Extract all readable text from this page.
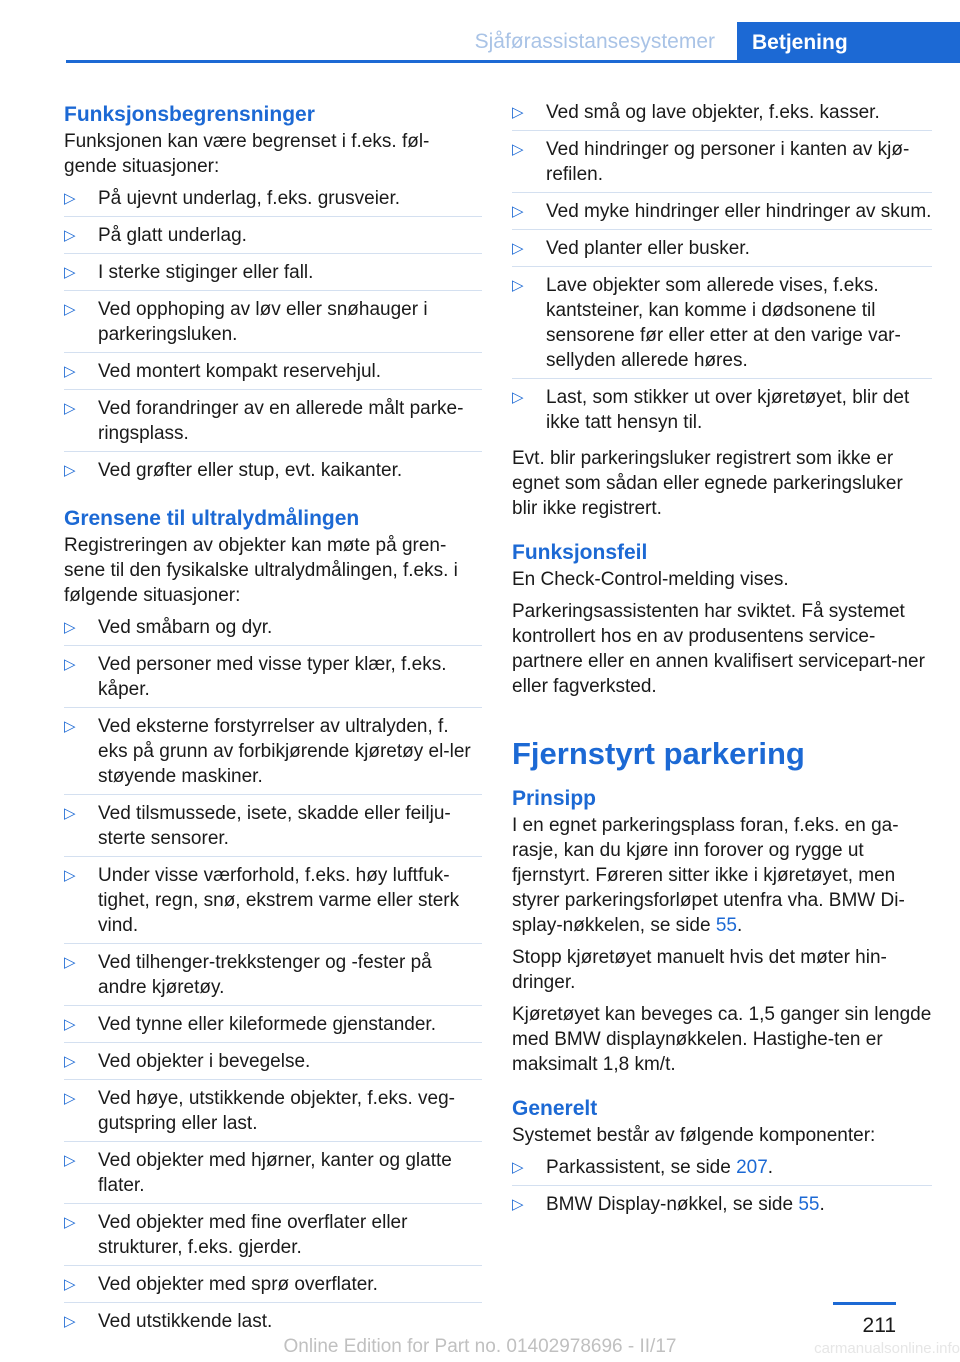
Sjåførassistansesystemer	Betjening
Funksjonsbegrensninger

Funksjonen kan være begrenset i f.eks. føl-gende situasjoner:

▷ På ujevnt underlag, f.eks. grusveier.
▷ På glatt underlag.
▷ I sterke stiginger eller fall.
▷ Ved opphoping av løv eller snøhauger i parkeringsluken.
▷ Ved montert kompakt reservehjul.
▷ Ved forandringer av en allerede målt parke-ringsplass.
▷ Ved grøfter eller stup, evt. kaikanter.
Grensene til ultralydmålingen

Registreringen av objekter kan møte på gren-sene til den fysikalske ultralydmålingen, f.eks. i følgende situasjoner:

▷ Ved småbarn og dyr.
▷ Ved personer med visse typer klær, f.eks. kåper.
▷ Ved eksterne forstyrrelser av ultralyden, f. eks på grunn av forbikjørende kjøretøy el-ler støyende maskiner.
▷ Ved tilsmussede, isete, skadde eller feilju-sterte sensorer.
▷ Under visse værforhold, f.eks. høy luftfuk-tighet, regn, snø, ekstrem varme eller sterk vind.
▷ Ved tilhenger-trekkstenger og -fester på andre kjøretøy.
▷ Ved tynne eller kileformede gjenstander.
▷ Ved objekter i bevegelse.
▷ Ved høye, utstikkende objekter, f.eks. veg-gutspring eller last.
▷ Ved objekter med hjørner, kanter og glatte flater.
▷ Ved objekter med fine overflater eller strukturer, f.eks. gjerder.
▷ Ved objekter med sprø overflater.
▷ Ved utstikkende last.
▷ Ved små og lave objekter, f.eks. kasser.
▷ Ved hindringer og personer i kanten av kjø-refilen.
▷ Ved myke hindringer eller hindringer av skum.
▷ Ved planter eller busker.
▷ Lave objekter som allerede vises, f.eks. kantsteiner, kan komme i dødsonene til sensorene før eller etter at den varige var-sellyden allerede høres.
▷ Last, som stikker ut over kjøretøyet, blir det ikke tatt hensyn til.

Evt. blir parkeringsluker registrert som ikke er egnet som sådan eller egnede parkeringsluker blir ikke registrert.

Funksjonsfeil

En Check-Control-melding vises.

Parkeringsassistenten har sviktet. Få systemet kontrollert hos en av produsentens service-partnere eller en annen kvalifisert servicepart-ner eller fagverksted.

Fjernstyrt parkering
Prinsipp

I en egnet parkeringsplass foran, f.eks. en ga-rasje, kan du kjøre inn forover og rygge ut fjernstyrt. Føreren sitter ikke i kjøretøyet, men styrer parkeringsforløpet utenfra vha. BMW Di-splay-nøkkelen, se side 55.

Stopp kjøretøyet manuelt hvis det møter hin-dringer.

Kjøretøyet kan beveges ca. 1,5 ganger sin lengde med BMW displaynøkkelen. Hastighe-ten er maksimalt 1,8 km/t.

Generelt

Systemet består av følgende komponenter:

▷ Parkassistent, se side 207.
▷ BMW Display-nøkkel, se side 55.
211
Online Edition for Part no. 01402978696 - II/17	carmanualsonline.info
